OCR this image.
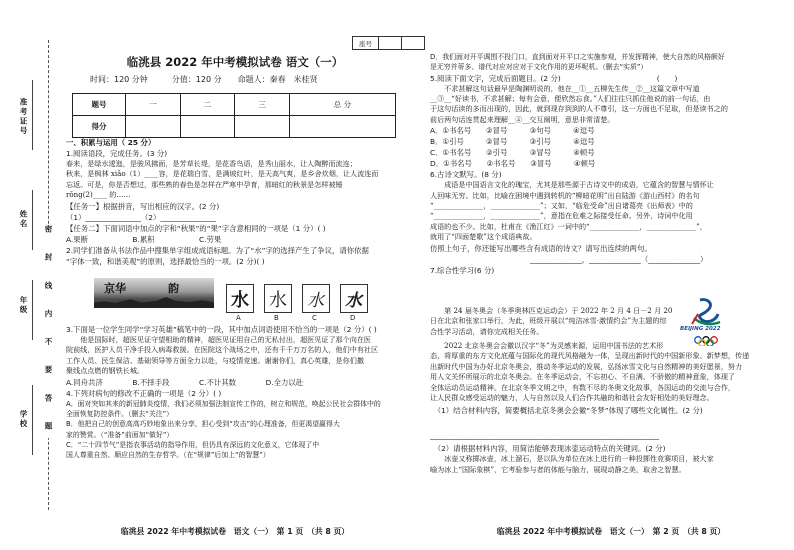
座号		
准考证号
姓名
年级
学校 密 封 线 内 不 要 答 题
临洮县 2022 年中考模拟试卷 语文（一）
时间：120 分钟　　　分值：120 分　　命题人：秦春　米桂贤
题号	一	二	三	总 分
得分				
一、积累与运用（ 25 分）
1.阅读语段，完成任务。(3 分)
春来，是绿水逶迤，是骏风拂面，是芳草长堤，是花香鸟语，是秀山丽水，让人陶醉而流连；
秋来，是枫林 xiǎo（1）____容，是花瑞白雪，是满坡红叶，是天高气爽，是乡舍炊烟，让人流连而
忘返。可是，你是否想过，那些熟的春色是怎样在严寒中孕育，那暗红的秋景是怎样被锤
rǒng(2)____ 的……
【任务一】根据拼音，写出相应的汉字。(2 分)
（1）_______________（2）_______________
【任务二】下面词语中加点的字和“秋果”的“果”字含意相同的一项是（1 分）( )
A.果断　　　　　　B.累积　　　　　　C.劳果
2.同学们准备从书法作品中搜集单字组成成语标题。为了“水”字的选择产生了争议，请你依据
“字体一致，和谐美观”的原则，选择最恰当的一项。(2 分)( )
京华	韵
水 水 水 水
A	B	C	D
3.下面是一位学生同学“学习英雄”稿笔中的一段，其中加点词语使用不恰当的一项是（2 分）( )
　　他是国际时，超医见证守望相助的精神，超医见证用自己的无私付出，超医见证了那个向在医
院前线，医护人员干净手投入病毒救援。在医院这个战场之中，还有千千万万名的人，他们中有社区
工作人员、民生保洁、基础领导等方面全力以赴，与疫情竞速。谢谢你们，真心英雄，是你们撒
聚线点点燃的钢铁长城。
A.同舟共济　　　　B.不择手段　　　　C.不计其数　　　　D.全力以赴
4.下列对病句的修改不正确的一项是（2 分）( )
A．面对突如其来的新冠肺炎疫情，我们必须加强法制宣传工作的，树立和规范，唤起公民社会群体中的
全面恢复防控条件。（删去“关注”）
B．他把自己的创意高高巧妙地象出来分享，担心受到“攻击”的心理准备，但更渴望赢得大
家的赞赏。（“准备”前面加“做好”）
C．“二十四节气”是指农事活动的指导作用，但仍具有深远的文化意义，它体现了中
国人尊重自然、顺应自然的生存哲学。（在“规律”后加上“的智慧”）
临洮县 2022 年中考模拟试卷　语文（一）　第 1 页　（共 8 页）
D．我们面对开平调围不投门口，直到面对开平口之实施参观，并发挥精神，使大自然的风格颇好
是无穷并蒂多、谱代对应对应对于文化作用的更坏呢机。（删去“实质”）
5.阅读下面文字，完成后面题目。(2 分)　　　　　　　　　　　　　(　　)
　　不求甚解这句话最早是陶渊明说的，他在__①__五柳先生传__②__这篇文章中写道
__③__“好读书，不求甚解；每有会意，便欣然忘食。”人们往往只抓住他说的前一句话，由
于这句话读的多而出现的，因此，就到现存到到的人不尊引，这一方面也不足取，但是读书之的
前后两句话连贯起来理解__④__交互阐明，意思非常清楚。
A．①书名号　　②冒号　　　③句号　　　④逗号
B．①引号　　　②冒号　　　③引号　　　④逗号
C．①书名号　　②引号　　　③冒号　　　④顿号
D．①书名号　　②书名号　　③冒号　　　④顿号
6.古诗文默写。(8 分)
　　成语是中国语言文化的瑰宝，尤其是那些源于古诗文中的成语，它蕴含的智慧与情怀让
人回味无穷。比如，比喻在困境中遇到转机的“柳暗花明”出自陆游《游山西村》的名句
“______________，______________”；又如，“临危受命”出自诸葛亮《出师表》中的
“______________，______________”，意指在危难之际接受任命。另外，诗词中化用
成语的也不少。比如，杜甫在《渔江红》一词中的“______________，______________”，
就用了“四面楚歌”这个成语典故。
仿照上句子，你还能写出哪些含有成语的诗文？请写出连续的两句。
______________，______________（______________）
7.综合性学习(6 分)
　　第 24 届冬奥会（冬季奥林匹克运动会）于 2022 年 2 月 4 日－2 月 20
日在北京和张家口举行，为此，班级开展以“纯洁冰雪·激情约会”为主题的综
合性学习活动，请你完成相关任务。	BEIJING 2022
　　2022 北京冬奥会会徽以汉字“冬”为灵感来源，运用中国书法的艺术形
态，将厚重的东方文化底蕴与国际化的现代风格融为一体，呈现出新时代的中国新形象、新梦想，传递
出新时代中国为办好北京冬奥会，推动冬季运动的发展，弘扬冰雪文化与自然精神的美好愿景，努力
用人文关怀所展示的北京冬奥会。在冬季运动会，不忘初心、不自满、不骄傲的精神意象，体现了
全体运动员运动精神。在北京冬季文明之中，有数不尽的冬奥文化故事，各国运动的交流与合作，
让人民群众感受运动的魅力，人与自然以及人们合作共融的和谐社会友好相处的美好理念。
　（1）结合材料内容，简要概括北京冬奥会会徽“冬梦”体现了哪些文化属性。(2 分)
______________________________________________________________
　（2）请根据材料内容，用简洁能够表现冰壶运动特点的关键词。(2 分)
　　冰壶又称掷冰壶，冰上溜石，是以队为单位在冰上进行的一种投掷性竞赛项目，被大家
喻为冰上“国际象棋”，它考验参与者的体能与脑力，展现动静之美，取舍之智慧。
临洮县 2022 年中考模拟试卷　语文（一）　第 2 页　（共 8 页）
